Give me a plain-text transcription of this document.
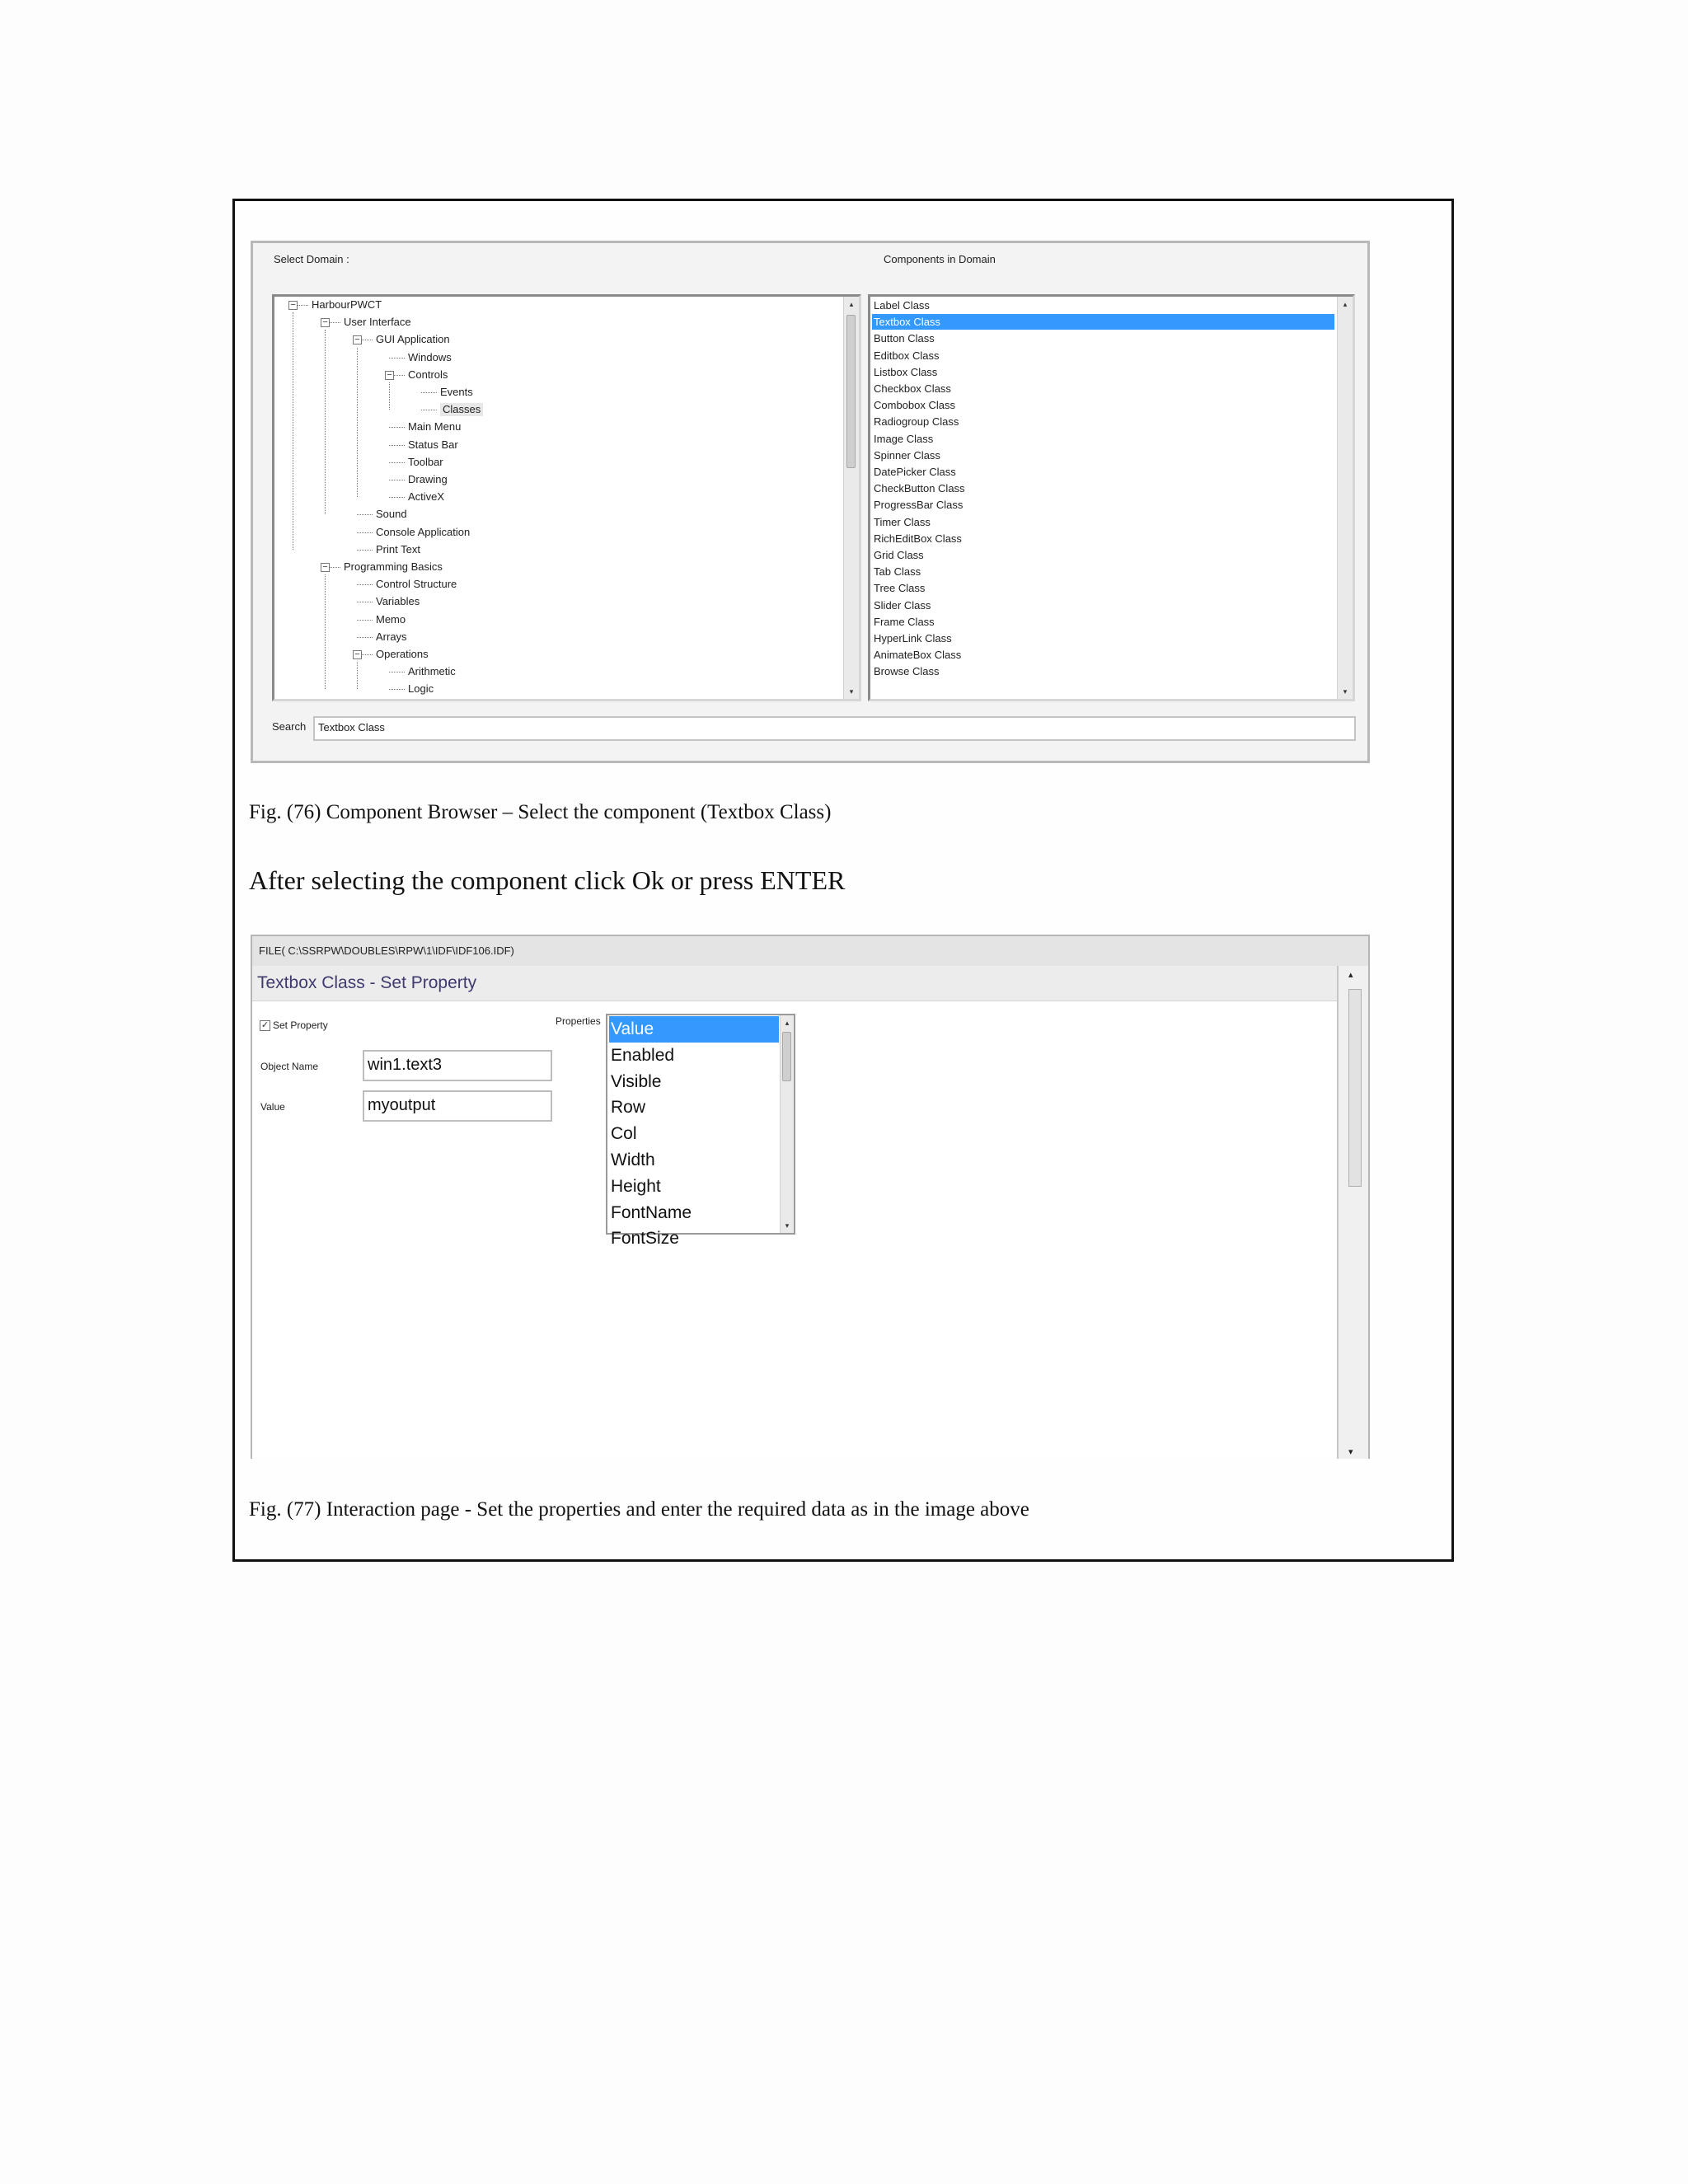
Select Domain :	Components in Domain
HarbourPWCT
−
User Interface
−
GUI Application
−
Windows
Controls
−
Events
Classes
Main Menu
Status Bar
Toolbar
Drawing
ActiveX
Sound
Console Application
Print Text
Programming Basics
−
Control Structure
Variables
Memo
Arrays
Operations
−
Arithmetic
Logic
▴
▾
Label Class
Textbox Class
Button Class
Editbox Class
Listbox Class
Checkbox Class
Combobox Class
Radiogroup Class
Image Class
Spinner Class
DatePicker Class
CheckButton Class
ProgressBar Class
Timer Class
RichEditBox Class
Grid Class
Tab Class
Tree Class
Slider Class
Frame Class
HyperLink Class
AnimateBox Class
Browse Class
▴
▾
Search	Textbox Class
Fig. (76) Component Browser – Select the component (Textbox Class)
After selecting the component click Ok or press ENTER
FILE( C:\SSRPW\DOUBLES\RPW\1\IDF\IDF106.IDF)
Textbox Class - Set Property
✓ Set Property
Object Name	win1.text3
Value	myoutput
Properties Value
Enabled
Visible
Row
Col
Width
Height
FontName
FontSize
▴
▾
▴
▾
Fig. (77) Interaction page - Set the properties and enter the required data as in the image above
